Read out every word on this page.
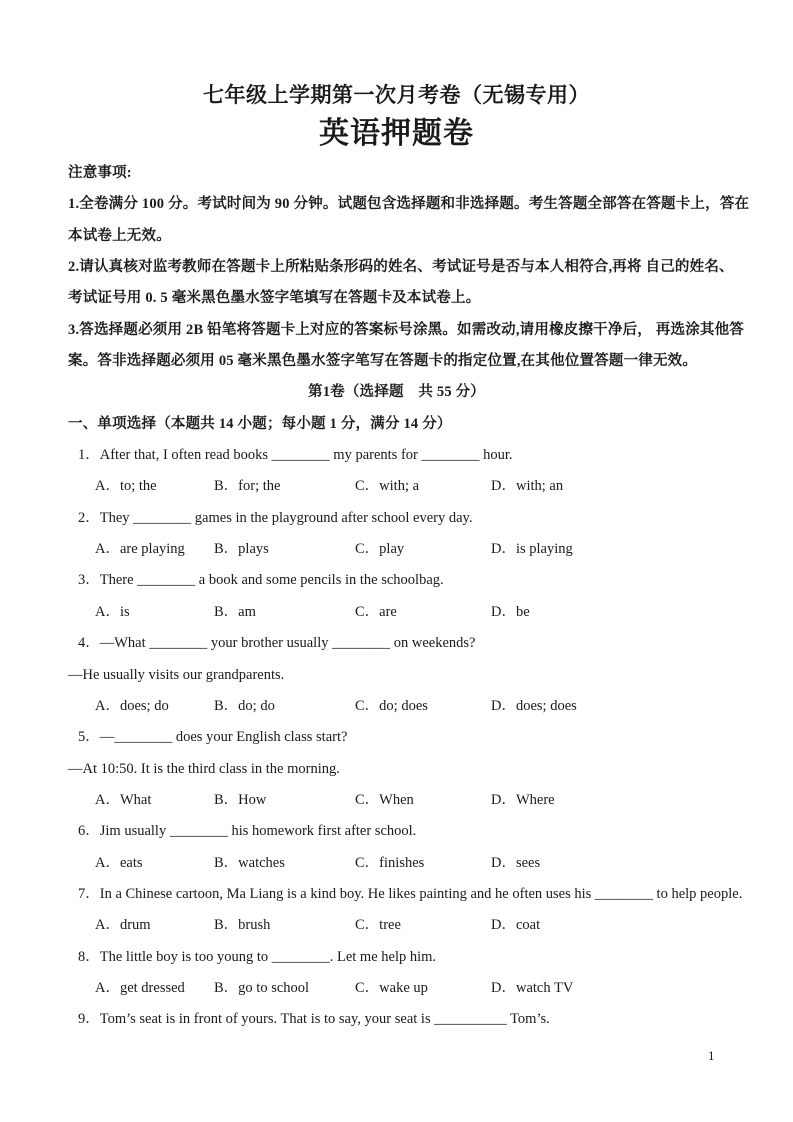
七年级上学期第一次月考卷（无锡专用）
英语押题卷
注意事项:
1.全卷满分 100 分。考试时间为 90 分钟。试题包含选择题和非选择题。考生答题全部答在答题卡上，答在
本试卷上无效。
2.请认真核对监考教师在答题卡上所粘贴条形码的姓名、考试证号是否与本人相符合,再将 自己的姓名、
考试证号用 0. 5 毫米黑色墨水签字笔填写在答题卡及本试卷上。
3.答选择题必须用 2B 铅笔将答题卡上对应的答案标号涂黑。如需改动,请用橡皮擦干净后， 再选涂其他答
案。答非选择题必须用 05 毫米黑色墨水签字笔写在答题卡的指定位置,在其他位置答题一律无效。
第1卷（选择题　共 55 分）
一、单项选择（本题共 14 小题；每小题 1 分，满分 14 分）
1．After that, I often read books ________ my parents for ________ hour.
A．to; the	B．for; the	C．with; a	D．with; an
2．They ________ games in the playground after school every day.
A．are playing	B．plays	C．play	D．is playing
3．There ________ a book and some pencils in the schoolbag.
A．is	B．am	C．are	D．be
4．—What ________ your brother usually ________ on weekends?
—He usually visits our grandparents.
A．does; do	B．do; do	C．do; does	D．does; does
5．—________ does your English class start?
—At 10:50. It is the third class in the morning.
A．What	B．How	C．When	D．Where
6．Jim usually ________ his homework first after school.
A．eats	B．watches	C．finishes	D．sees
7．In a Chinese cartoon, Ma Liang is a kind boy. He likes painting and he often uses his ________ to help people.
A．drum	B．brush	C．tree	D．coat
8．The little boy is too young to ________. Let me help him.
A．get dressed	B．go to school	C．wake up	D．watch TV
9．Tom’s seat is in front of yours. That is to say, your seat is __________ Tom’s.
1
